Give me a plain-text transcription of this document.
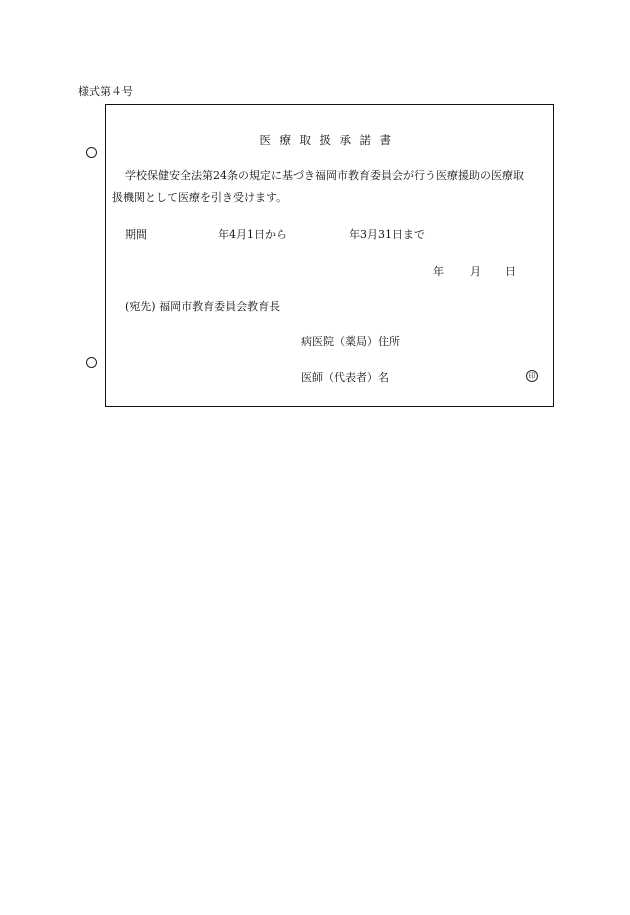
様式第４号
医療取扱承諾書
学校保健安全法第24条の規定に基づき福岡市教育委員会が行う医療援助の医療取
扱機関として医療を引き受けます。
期間	年4月1日から	年3月31日まで
年 月 日
(宛先) 福岡市教育委員会教育長
病医院（薬局）住所
医師（代表者）名	印
